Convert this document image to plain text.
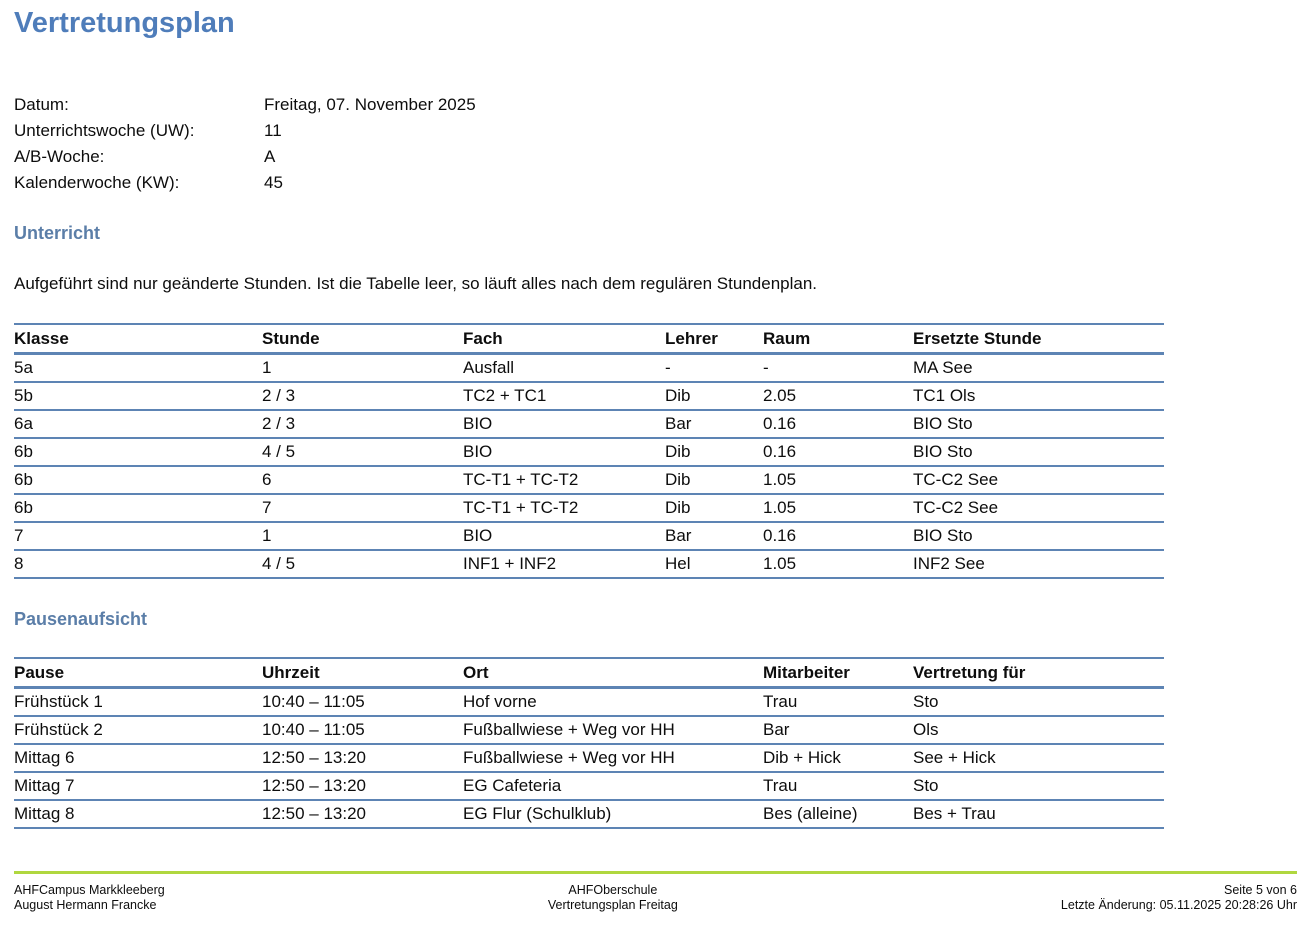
Vertretungsplan
Datum:	Freitag, 07. November 2025
Unterrichtswoche (UW):	11
A/B-Woche:	A
Kalenderwoche (KW):	45
Unterricht

Aufgeführt sind nur geänderte Stunden. Ist die Tabelle leer, so läuft alles nach dem regulären Stundenplan.

Klasse	Stunde	Fach	Lehrer	Raum	Ersetzte Stunde
5a	1	Ausfall	-	-	MA See
5b	2 / 3	TC2 + TC1	Dib	2.05	TC1 Ols
6a	2 / 3	BIO	Bar	0.16	BIO Sto
6b	4 / 5	BIO	Dib	0.16	BIO Sto
6b	6	TC-T1 + TC-T2	Dib	1.05	TC-C2 See
6b	7	TC-T1 + TC-T2	Dib	1.05	TC-C2 See
7	1	BIO	Bar	0.16	BIO Sto
8	4 / 5	INF1 + INF2	Hel	1.05	INF2 See
Pausenaufsicht
Pause	Uhrzeit	Ort	Mitarbeiter	Vertretung für
Frühstück 1	10:40 – 11:05	Hof vorne	Trau	Sto
Frühstück 2	10:40 – 11:05	Fußballwiese + Weg vor HH	Bar	Ols
Mittag 6	12:50 – 13:20	Fußballwiese + Weg vor HH	Dib + Hick	See + Hick
Mittag 7	12:50 – 13:20	EG Cafeteria	Trau	Sto
Mittag 8	12:50 – 13:20	EG Flur (Schulklub)	Bes (alleine)	Bes + Trau
AHFCampus Markkleeberg
August Hermann Francke
AHFOberschule
Vertretungsplan Freitag
Seite 5 von 6
Letzte Änderung: 05.11.2025 20:28:26 Uhr
